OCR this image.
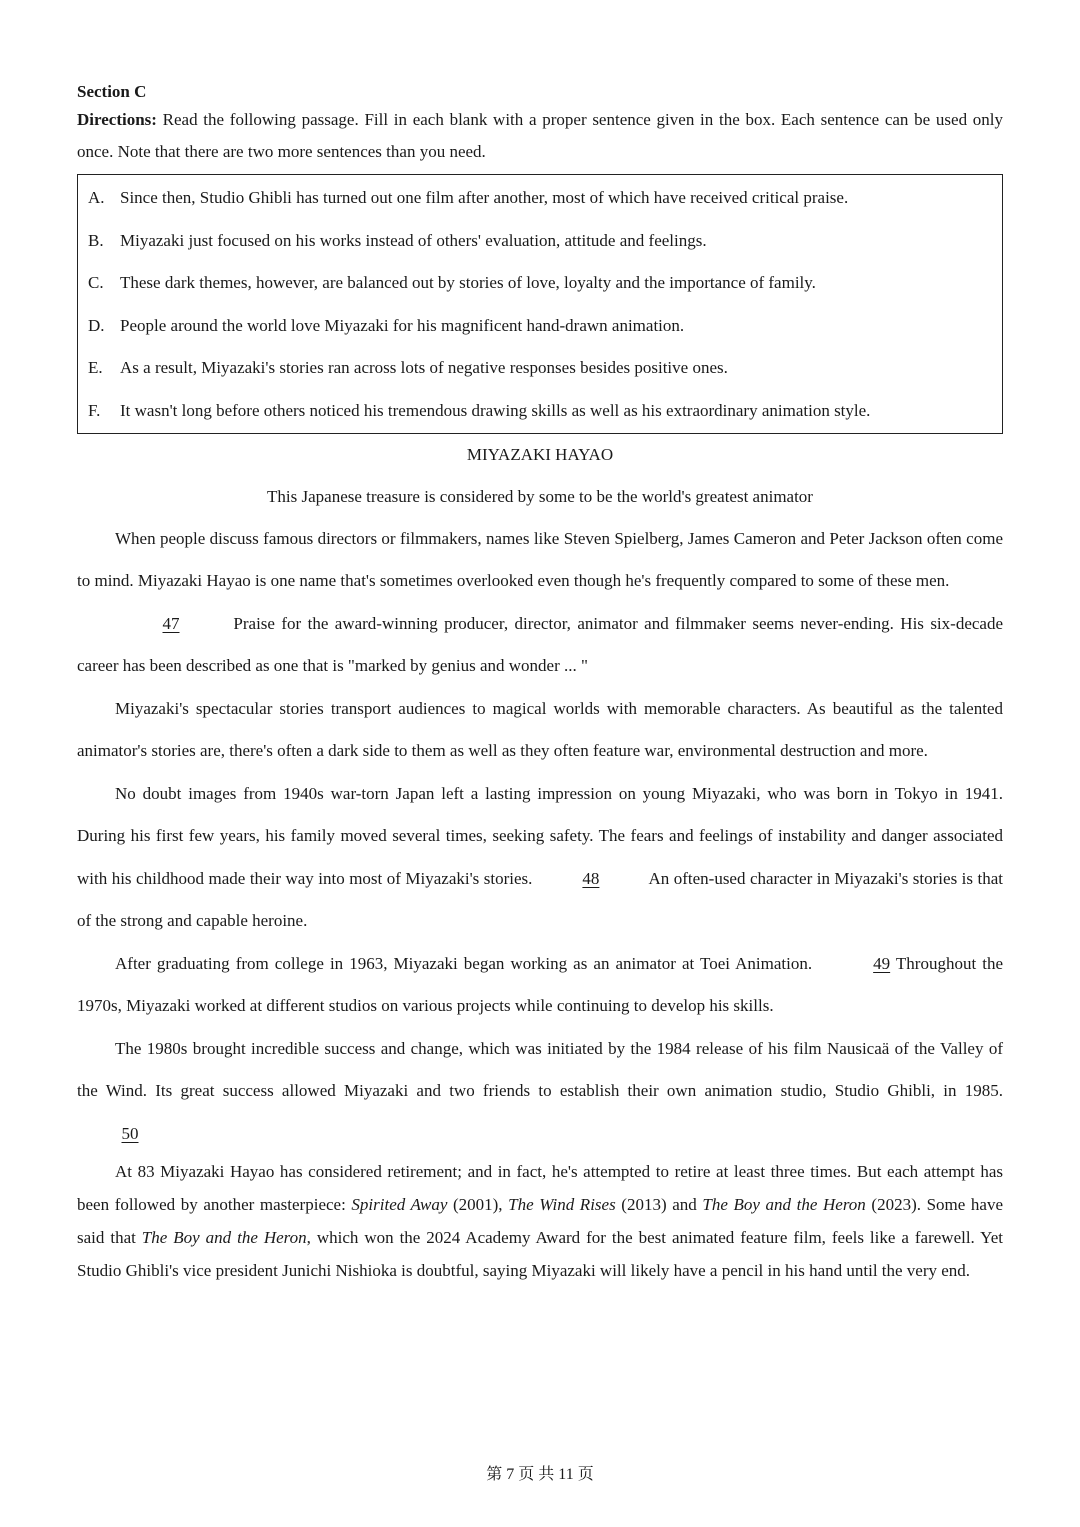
Section C

Directions: Read the following passage. Fill in each blank with a proper sentence given in the box. Each sentence can be used only once. Note that there are two more sentences than you need.

A. Since then, Studio Ghibli has turned out one film after another, most of which have received critical praise.
B. Miyazaki just focused on his works instead of others' evaluation, attitude and feelings.
C. These dark themes, however, are balanced out by stories of love, loyalty and the importance of family.
D. People around the world love Miyazaki for his magnificent hand-drawn animation.
E.	As a result, Miyazaki's stories ran across lots of negative responses besides positive ones.
F.	It wasn't long before others noticed his tremendous drawing skills as well as his extraordinary animation style.
MIYAZAKI HAYAO
This Japanese treasure is considered by some to be the world's greatest animator

When people discuss famous directors or filmmakers, names like Steven Spielberg, James Cameron and Peter Jackson often come to mind. Miyazaki Hayao is one name that's sometimes overlooked even though he's frequently compared to some of these men.

47	Praise for the award-winning producer, director, animator and filmmaker seems never-ending. His six-decade career has been described as one that is "marked by genius and wonder ... "

Miyazaki's spectacular stories transport audiences to magical worlds with memorable characters. As beautiful as the talented animator's stories are, there's often a dark side to them as well as they often feature war, environmental destruction and more.

No doubt images from 1940s war-torn Japan left a lasting impression on young Miyazaki, who was born in Tokyo in 1941. During his first few years, his family moved several times, seeking safety. The fears and feelings of instability and danger associated with his childhood made their way into most of Miyazaki's stories.	48	An often-used character in Miyazaki's stories is that of the strong and capable heroine.

After graduating from college in 1963, Miyazaki began working as an animator at Toei Animation.	49 Throughout the 1970s, Miyazaki worked at different studios on various projects while continuing to develop his skills.

The 1980s brought incredible success and change, which was initiated by the 1984 release of his film Nausicaä of the Valley of the Wind. Its great success allowed Miyazaki and two friends to establish their own animation studio, Studio Ghibli, in 1985. 50

At 83 Miyazaki Hayao has considered retirement; and in fact, he's attempted to retire at least three times. But each attempt has been followed by another masterpiece: Spirited Away (2001), The Wind Rises (2013) and The Boy and the Heron (2023). Some have said that The Boy and the Heron, which won the 2024 Academy Award for the best animated feature film, feels like a farewell. Yet Studio Ghibli's vice president Junichi Nishioka is doubtful, saying Miyazaki will likely have a pencil in his hand until the very end.

第 7 页 共 11 页
